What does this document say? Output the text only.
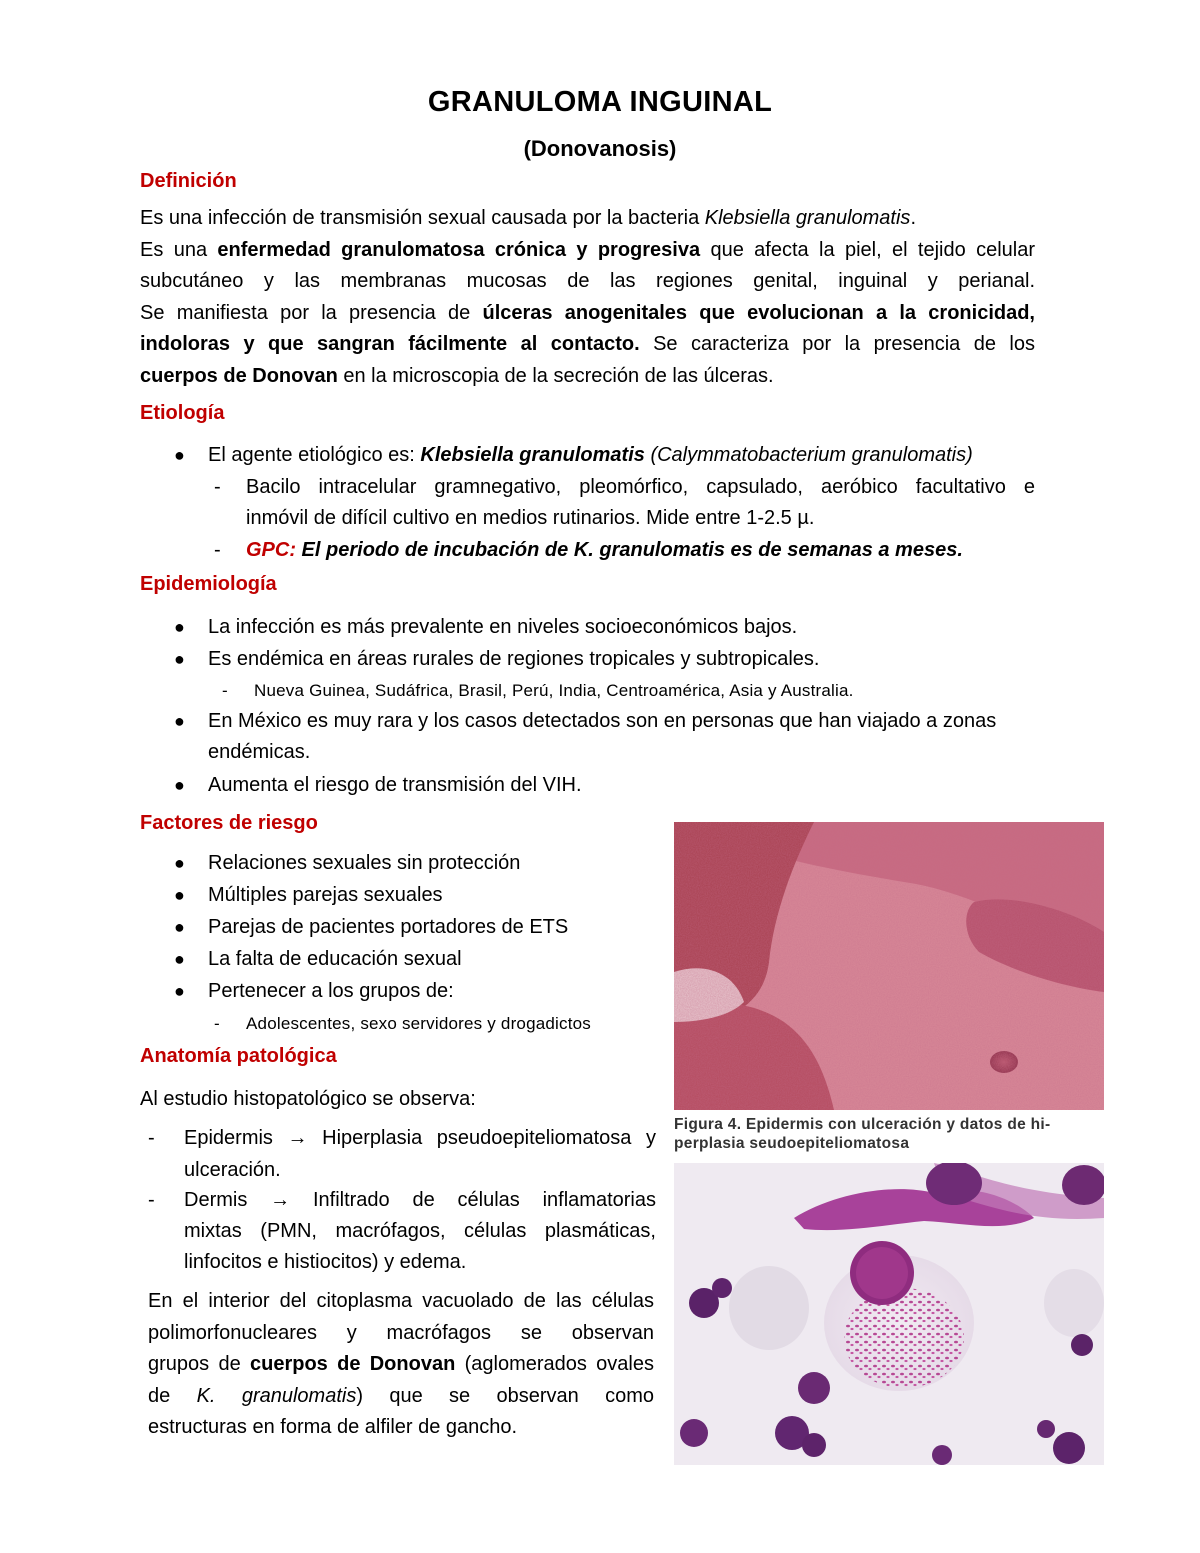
GRANULOMA INGUINAL
(Donovanosis)
Definición
Es una infección de transmisión sexual causada por la bacteria Klebsiella granulomatis.
Es una enfermedad granulomatosa crónica y progresiva que afecta la piel, el tejido celular
subcutáneo y las membranas mucosas de las regiones genital, inguinal y perianal.
Se manifiesta por la presencia de úlceras anogenitales que evolucionan a la cronicidad,
indoloras y que sangran fácilmente al contacto. Se caracteriza por la presencia de los
cuerpos de Donovan en la microscopia de la secreción de las úlceras.
Etiología
● El agente etiológico es: Klebsiella granulomatis (Calymmatobacterium granulomatis)
- Bacilo intracelular gramnegativo, pleomórfico, capsulado, aeróbico facultativo e
inmóvil de difícil cultivo en medios rutinarios. Mide entre 1-2.5 µ.
- GPC: El periodo de incubación de K. granulomatis es de semanas a meses.
Epidemiología
● La infección es más prevalente en niveles socioeconómicos bajos.
● Es endémica en áreas rurales de regiones tropicales y subtropicales.
- Nueva Guinea, Sudáfrica, Brasil, Perú, India, Centroamérica, Asia y Australia.
● En México es muy rara y los casos detectados son en personas que han viajado a zonas
endémicas.
● Aumenta el riesgo de transmisión del VIH.
Factores de riesgo
● Relaciones sexuales sin protección
● Múltiples parejas sexuales
● Parejas de pacientes portadores de ETS
● La falta de educación sexual
● Pertenecer a los grupos de:
- Adolescentes, sexo servidores y drogadictos
Anatomía patológica
Al estudio histopatológico se observa:
- Epidermis → Hiperplasia pseudoepiteliomatosa y
ulceración.
- Dermis → Infiltrado de células inflamatorias
mixtas (PMN, macrófagos, células plasmáticas,
linfocitos e histiocitos) y edema.
En el interior del citoplasma vacuolado de las células
polimorfonucleares y macrófagos se observan
grupos de cuerpos de Donovan (aglomerados ovales
de K. granulomatis) que se observan como
estructuras en forma de alfiler de gancho.
Figura 4. Epidermis con ulceración y datos de hi-
perplasia seudoepiteliomatosa
